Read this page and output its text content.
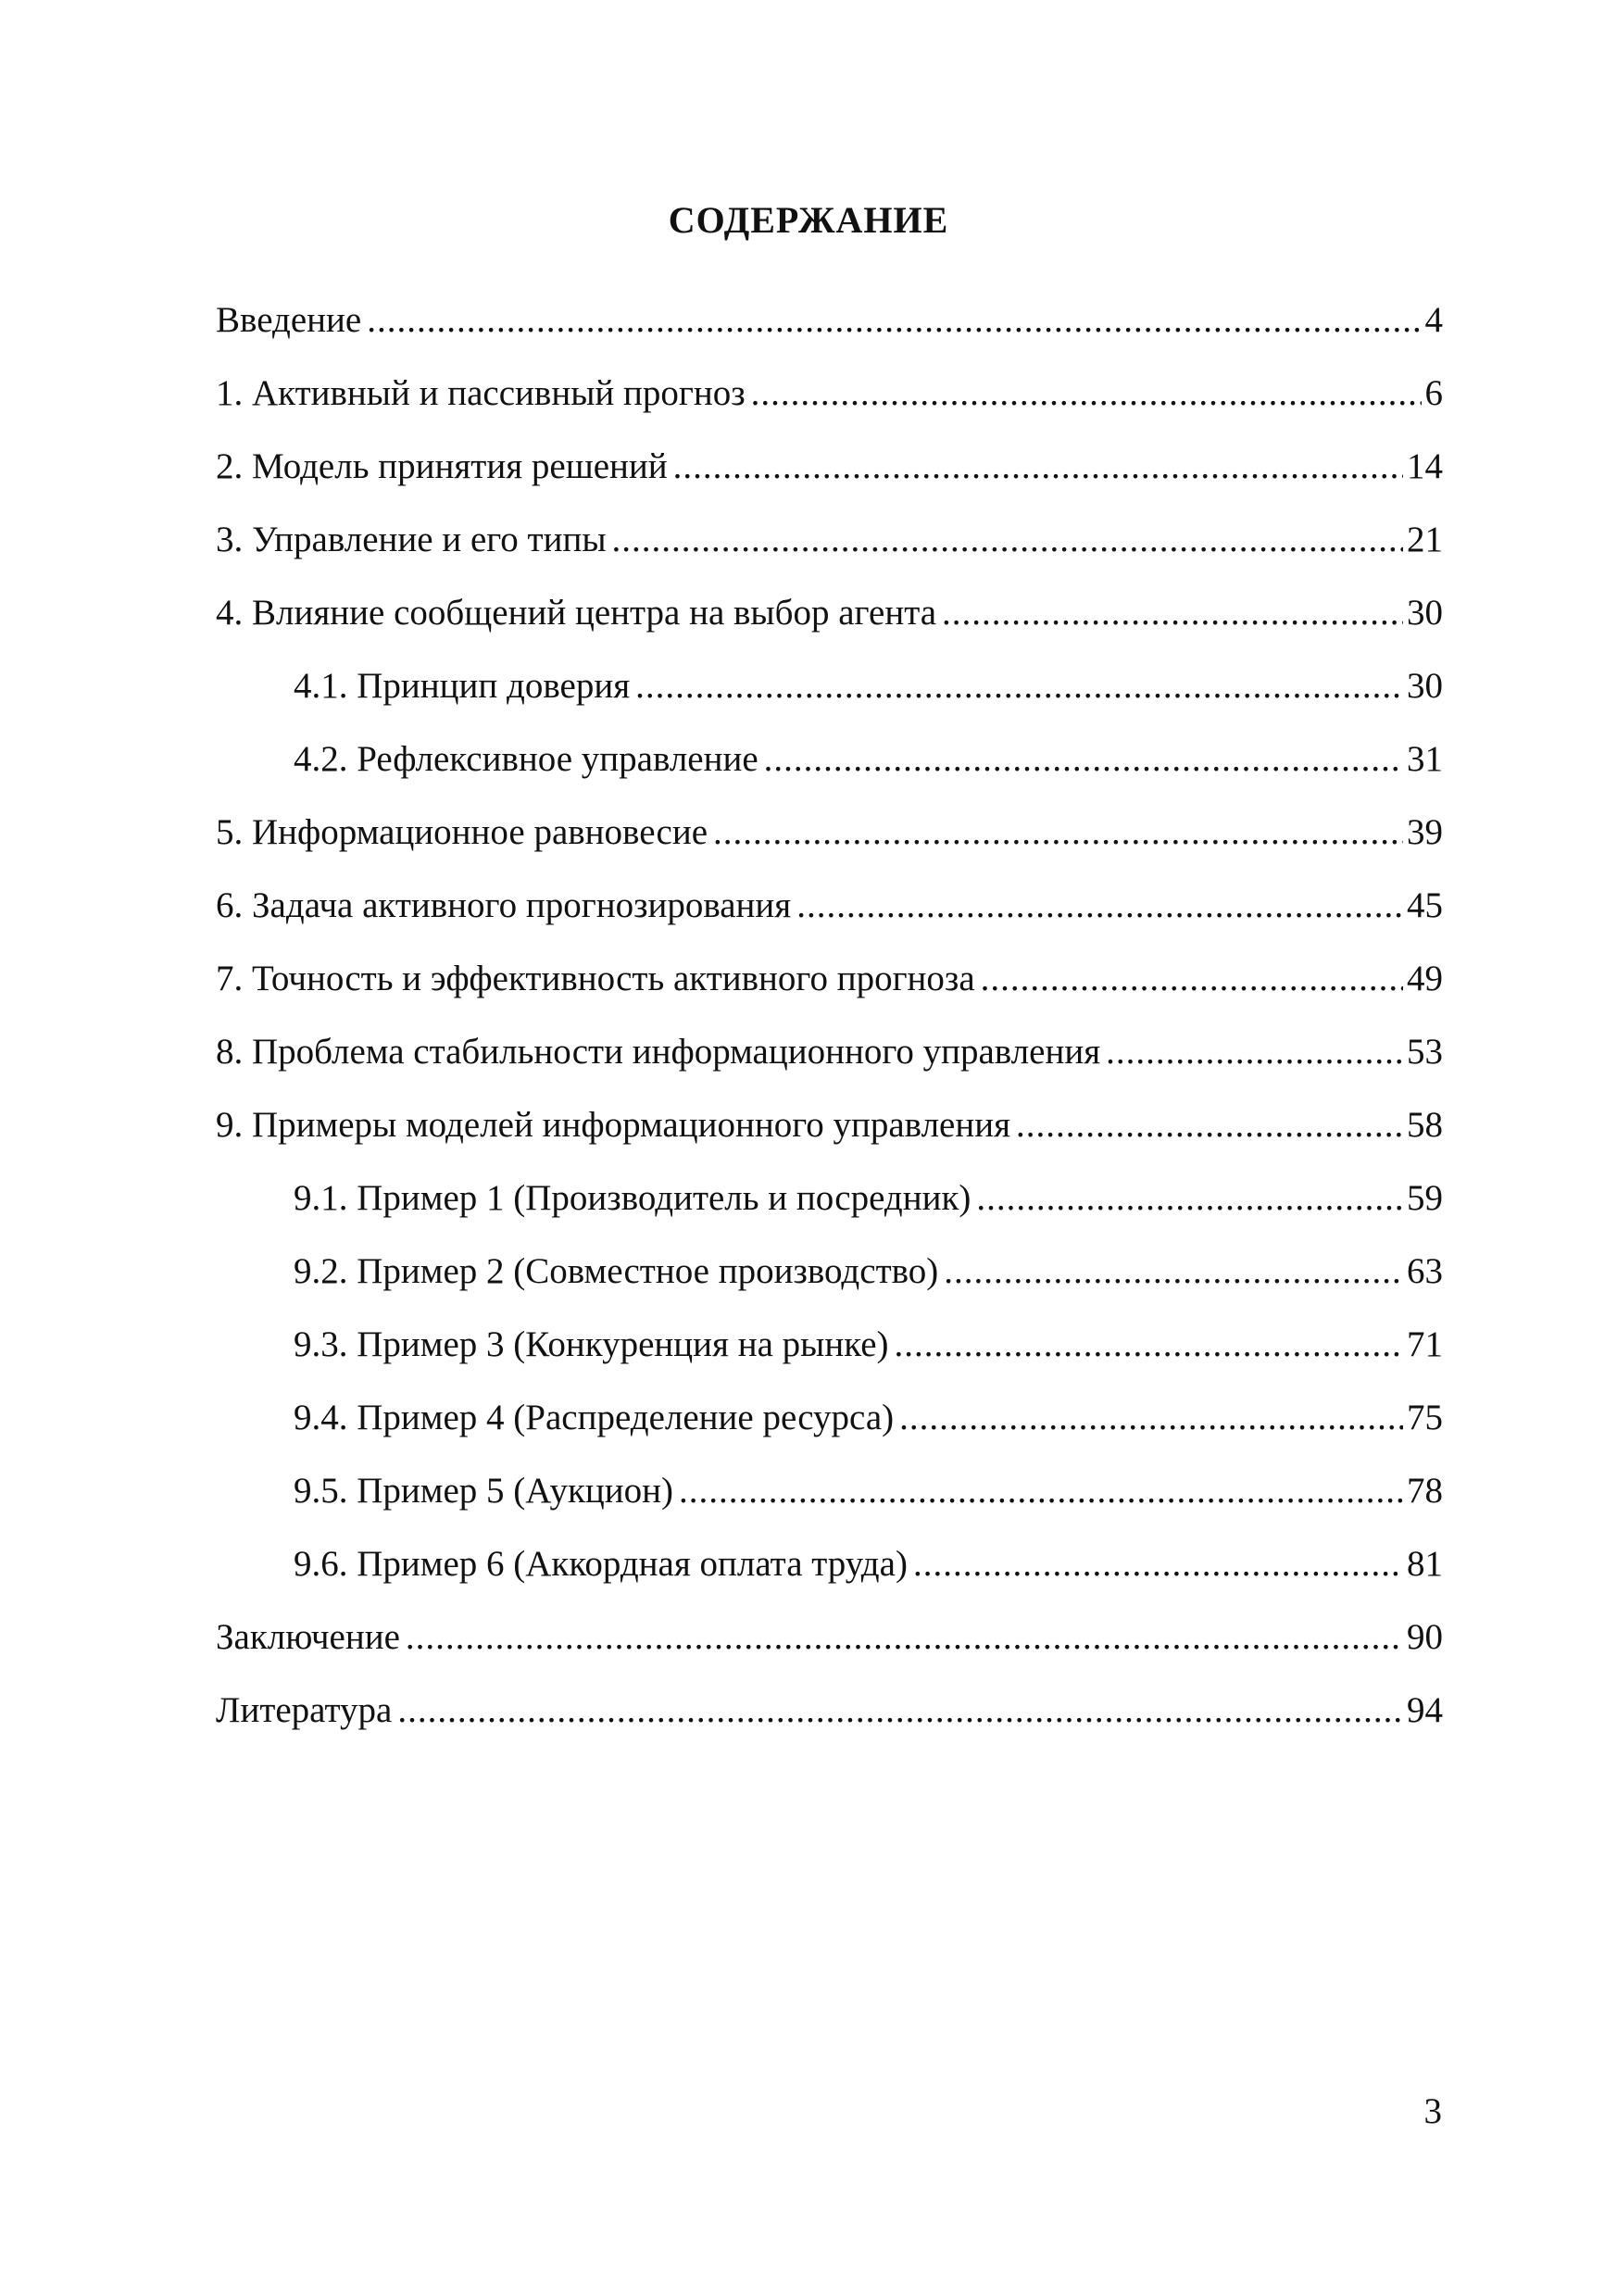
СОДЕРЖАНИЕ
Введение .....	4
1. Активный и пассивный прогноз .....	6
2. Модель принятия решений .....	14
3. Управление и его типы .....	21
4. Влияние сообщений центра на выбор агента .....	30
4.1. Принцип доверия .....	30
4.2. Рефлексивное управление .....	31
5. Информационное равновесие .....	39
6. Задача активного прогнозирования .....	45
7. Точность и эффективность активного прогноза .....	49
8. Проблема стабильности информационного управления .....	53
9. Примеры моделей информационного управления .....	58
9.1. Пример 1 (Производитель и посредник) .....	59
9.2. Пример 2 (Совместное производство) .....	63
9.3. Пример 3 (Конкуренция на рынке) .....	71
9.4. Пример 4 (Распределение ресурса) .....	75
9.5. Пример 5 (Аукцион) .....	78
9.6. Пример 6 (Аккордная оплата труда) .....	81
Заключение .....	90
Литература .....	94
3
